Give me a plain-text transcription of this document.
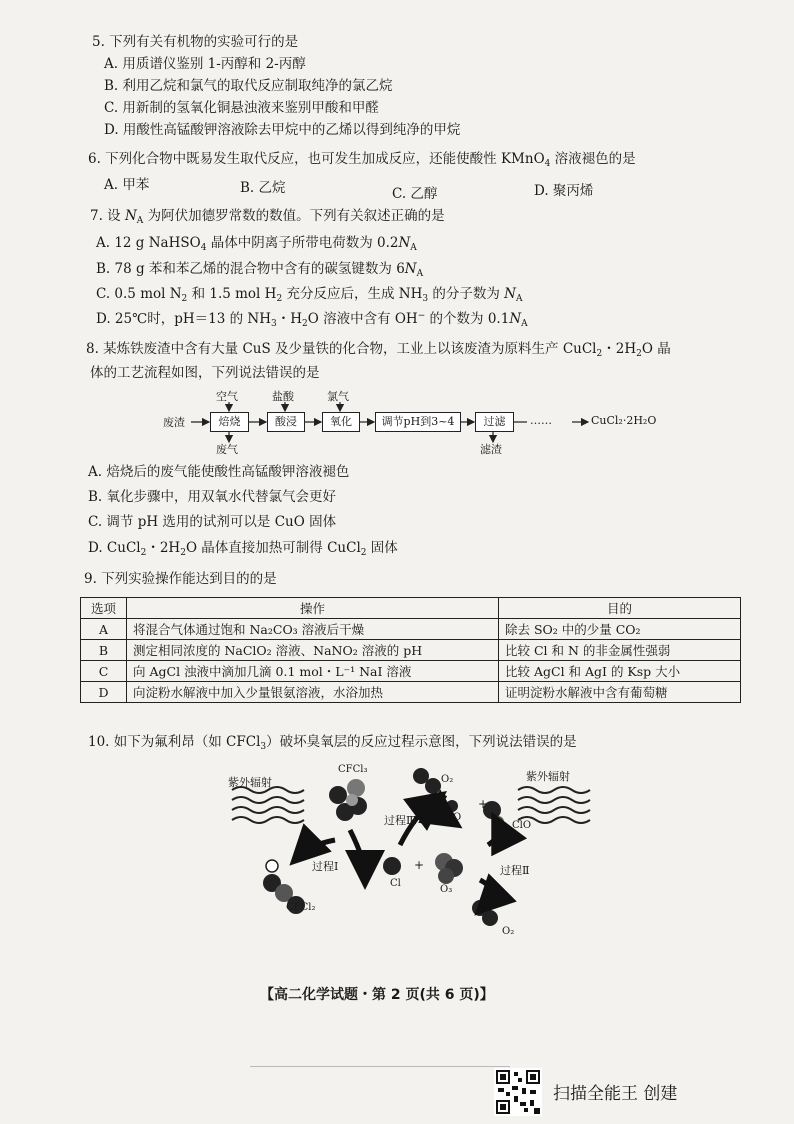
5. 下列有关有机物的实验可行的是
A. 用质谱仪鉴别 1-丙醇和 2-丙醇
B. 利用乙烷和氯气的取代反应制取纯净的氯乙烷
C. 用新制的氢氧化铜悬浊液来鉴别甲酸和甲醛
D. 用酸性高锰酸钾溶液除去甲烷中的乙烯以得到纯净的甲烷
6. 下列化合物中既易发生取代反应，也可发生加成反应，还能使酸性 KMnO$_4$ 溶液褪色的是
A. 甲苯	B. 乙烷	C. 乙醇	D. 聚丙烯
7. 设 $N_A$ 为阿伏加德罗常数的数值。下列有关叙述正确的是
A. 12 g NaHSO$_4$ 晶体中阴离子所带电荷数为 $0.2N_A$
B. 78 g 苯和苯乙烯的混合物中含有的碳氢键数为 $6N_A$
C. 0.5 mol $N_2$ 和 1.5 mol $H_2$ 充分反应后，生成 $NH_3$ 的分子数为 $N_A$
D. 25℃时，pH＝13 的 $NH_3$・$H_2O$ 溶液中含有 OH− 的个数为 $0.1N_A$
8. 某炼铁废渣中含有大量 CuS 及少量铁的化合物，工业上以该废渣为原料生产 CuCl$_2$・$2H_2O$ 晶
体的工艺流程如图，下列说法错误的是
废渣	焙烧	酸浸	氧化	调节pH到3~4	过滤	……	CuCl₂·2H₂O
空气	盐酸	氯气
废气	滤渣
A. 焙烧后的废气能使酸性高锰酸钾溶液褪色
B. 氧化步骤中，用双氧水代替氯气会更好
C. 调节 pH 选用的试剂可以是 CuO 固体
D. CuCl$_2$・$2H_2O$ 晶体直接加热可制得 CuCl$_2$ 固体
9. 下列实验操作能达到目的的是
选项	操作	目的
A	将混合气体通过饱和 Na₂CO₃ 溶液后干燥	除去 SO₂ 中的少量 CO₂
B	测定相同浓度的 NaClO₂ 溶液、NaNO₂ 溶液的 pH	比较 Cl 和 N 的非金属性强弱
C	向 AgCl 浊液中滴加几滴 0.1 mol・L⁻¹ NaI 溶液	比较 AgCl 和 AgI 的 Ksp 大小
D	向淀粉水解液中加入少量银氨溶液，水浴加热	证明淀粉水解液中含有葡萄糖
10. 如下为氟利昂（如 CFCl$_3$）破坏臭氧层的反应过程示意图，下列说法错误的是
紫外辐射	紫外辐射
CFCl₃
CFCl₂
O₂
O
+
ClO
Cl
+
O₃
O₂
过程Ⅰ	过程Ⅱ
过程Ⅲ
【高二化学试题・第 2 页(共 6 页)】
扫描全能王 创建
